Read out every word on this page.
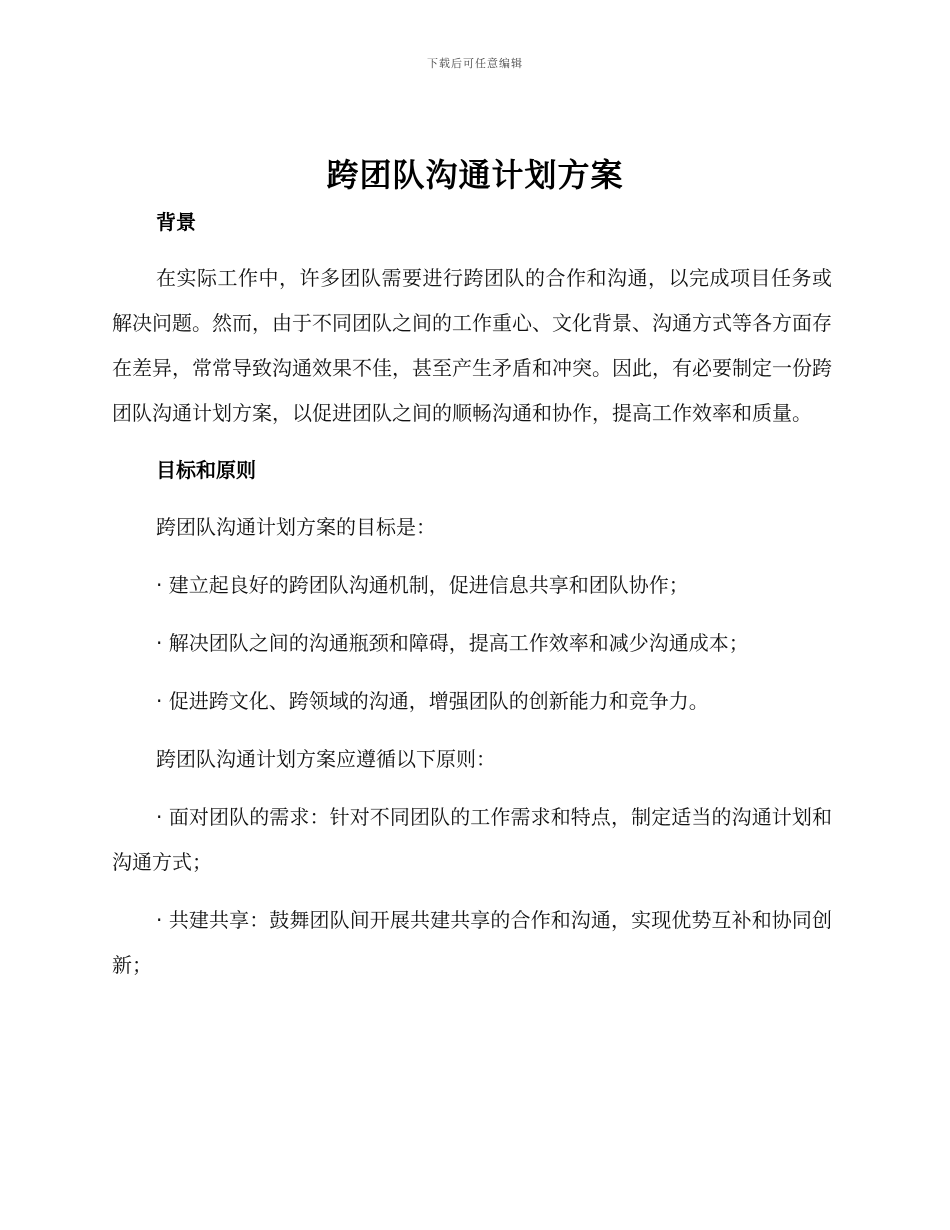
下载后可任意编辑
跨团队沟通计划方案
背景

在实际工作中，许多团队需要进行跨团队的合作和沟通，以完成项目任务或解决问题。然而，由于不同团队之间的工作重心、文化背景、沟通方式等各方面存在差异，常常导致沟通效果不佳，甚至产生矛盾和冲突。因此，有必要制定一份跨团队沟通计划方案，以促进团队之间的顺畅沟通和协作，提高工作效率和质量。

目标和原则

跨团队沟通计划方案的目标是：

· 建立起良好的跨团队沟通机制，促进信息共享和团队协作；

· 解决团队之间的沟通瓶颈和障碍，提高工作效率和减少沟通成本；

· 促进跨文化、跨领域的沟通，增强团队的创新能力和竞争力。

跨团队沟通计划方案应遵循以下原则：

· 面对团队的需求：针对不同团队的工作需求和特点，制定适当的沟通计划和沟通方式；

· 共建共享：鼓舞团队间开展共建共享的合作和沟通，实现优势互补和协同创新；
